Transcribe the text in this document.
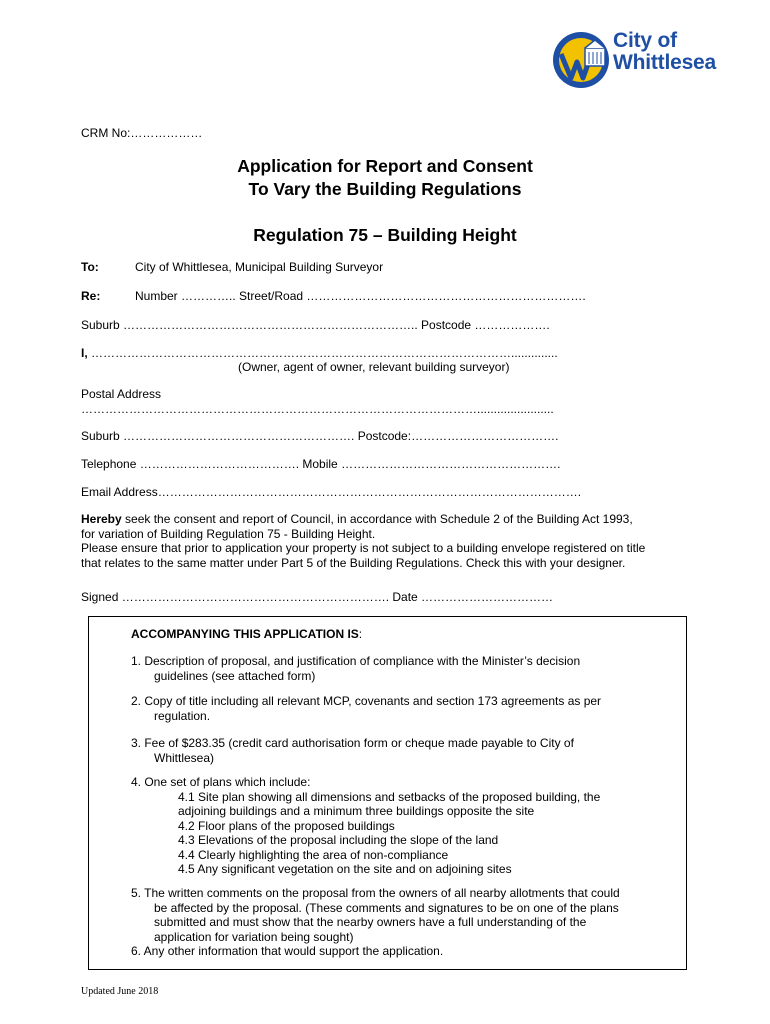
City of
Whittlesea
CRM No:………………
Application for Report and Consent
To Vary the Building Regulations
Regulation 75 – Building Height
To:	City of Whittlesea, Municipal Building Surveyor
Re:	Number ………….. Street/Road …………………………………………………………….
Suburb ……………………………………………………………….. Postcode ……………….
I, ……………………………………………………………………………………………..............
(Owner, agent of owner, relevant building surveyor)
Postal Address
……………………………………………………………………………………….......................
Suburb …………………………………………………. Postcode:……………………………….
Telephone …………………………………. Mobile ……………………………………………….
Email Address…………………………………………………………………………………………….
Hereby seek the consent and report of Council, in accordance with Schedule 2 of the Building Act 1993,
for variation of Building Regulation 75 - Building Height.
Please ensure that prior to application your property is not subject to a building envelope registered on title
that relates to the same matter under Part 5 of the Building Regulations. Check this with your designer.
Signed …………………………………………………………. Date ……………………………
ACCOMPANYING THIS APPLICATION IS:
1. Description of proposal, and justification of compliance with the Minister’s decision
guidelines (see attached form)
2. Copy of title including all relevant MCP, covenants and section 173 agreements as per
regulation.
3. Fee of $283.35 (credit card authorisation form or cheque made payable to City of
Whittlesea)
4. One set of plans which include:
4.1 Site plan showing all dimensions and setbacks of the proposed building, the
adjoining buildings and a minimum three buildings opposite the site
4.2 Floor plans of the proposed buildings
4.3 Elevations of the proposal including the slope of the land
4.4 Clearly highlighting the area of non-compliance
4.5 Any significant vegetation on the site and on adjoining sites
5. The written comments on the proposal from the owners of all nearby allotments that could
be affected by the proposal. (These comments and signatures to be on one of the plans
submitted and must show that the nearby owners have a full understanding of the
application for variation being sought)
6. Any other information that would support the application.
Updated June 2018
